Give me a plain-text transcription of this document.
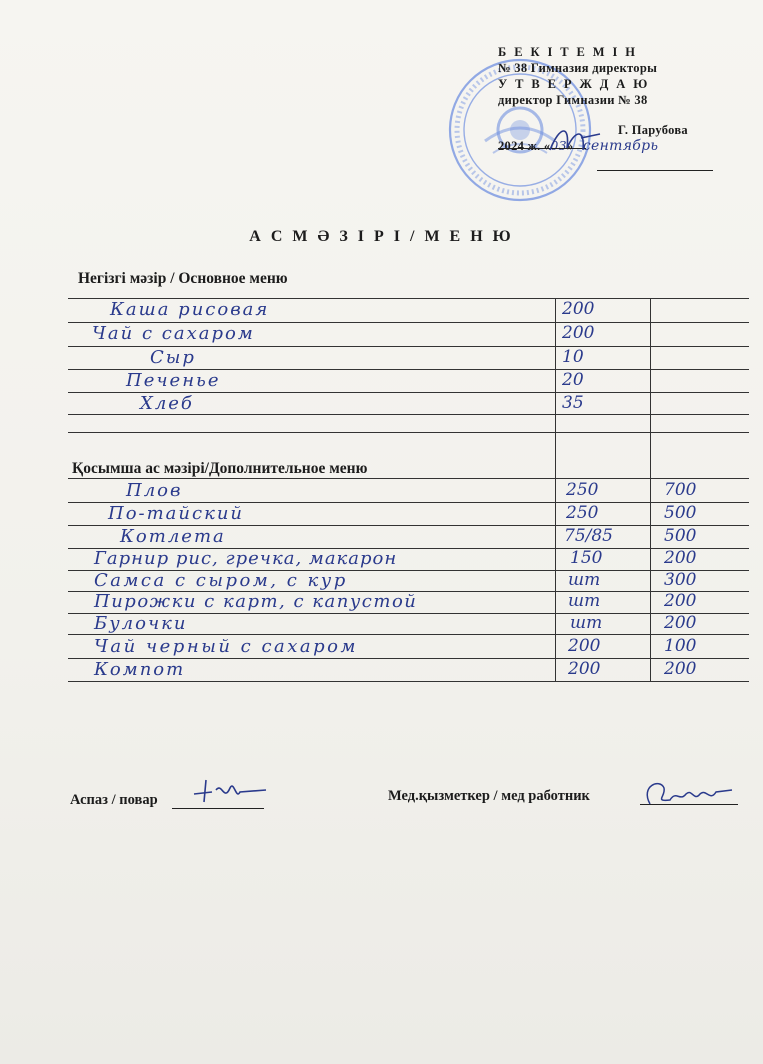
Б Е К І Т Е М І Н
№ 38 Гимназия директоры
У Т В Е Р Ж Д А Ю
директор Гимназии № 38
Г. Парубова
2024 ж. «03» сентябрь
А С М Ә З І Р І / М Е Н Ю
Негізгі мәзір / Основное меню
Қосымша ас мәзірі/Дополнительное меню
Каша рисовая	200
Чай с сахаром	200
Сыр	10
Печенье	20
Хлеб	35
Плов	250	700
По-тайский	250	500
Котлета	75/85	500
Гарнир рис, гречка, макарон	150	200
Самса с сыром, с кур	шт	300
Пирожки с карт, с капустой	шт	200
Булочки	шт	200
Чай черный с сахаром	200	100
Компот	200	200
Аспаз / повар	Мед.қызметкер / мед работник
